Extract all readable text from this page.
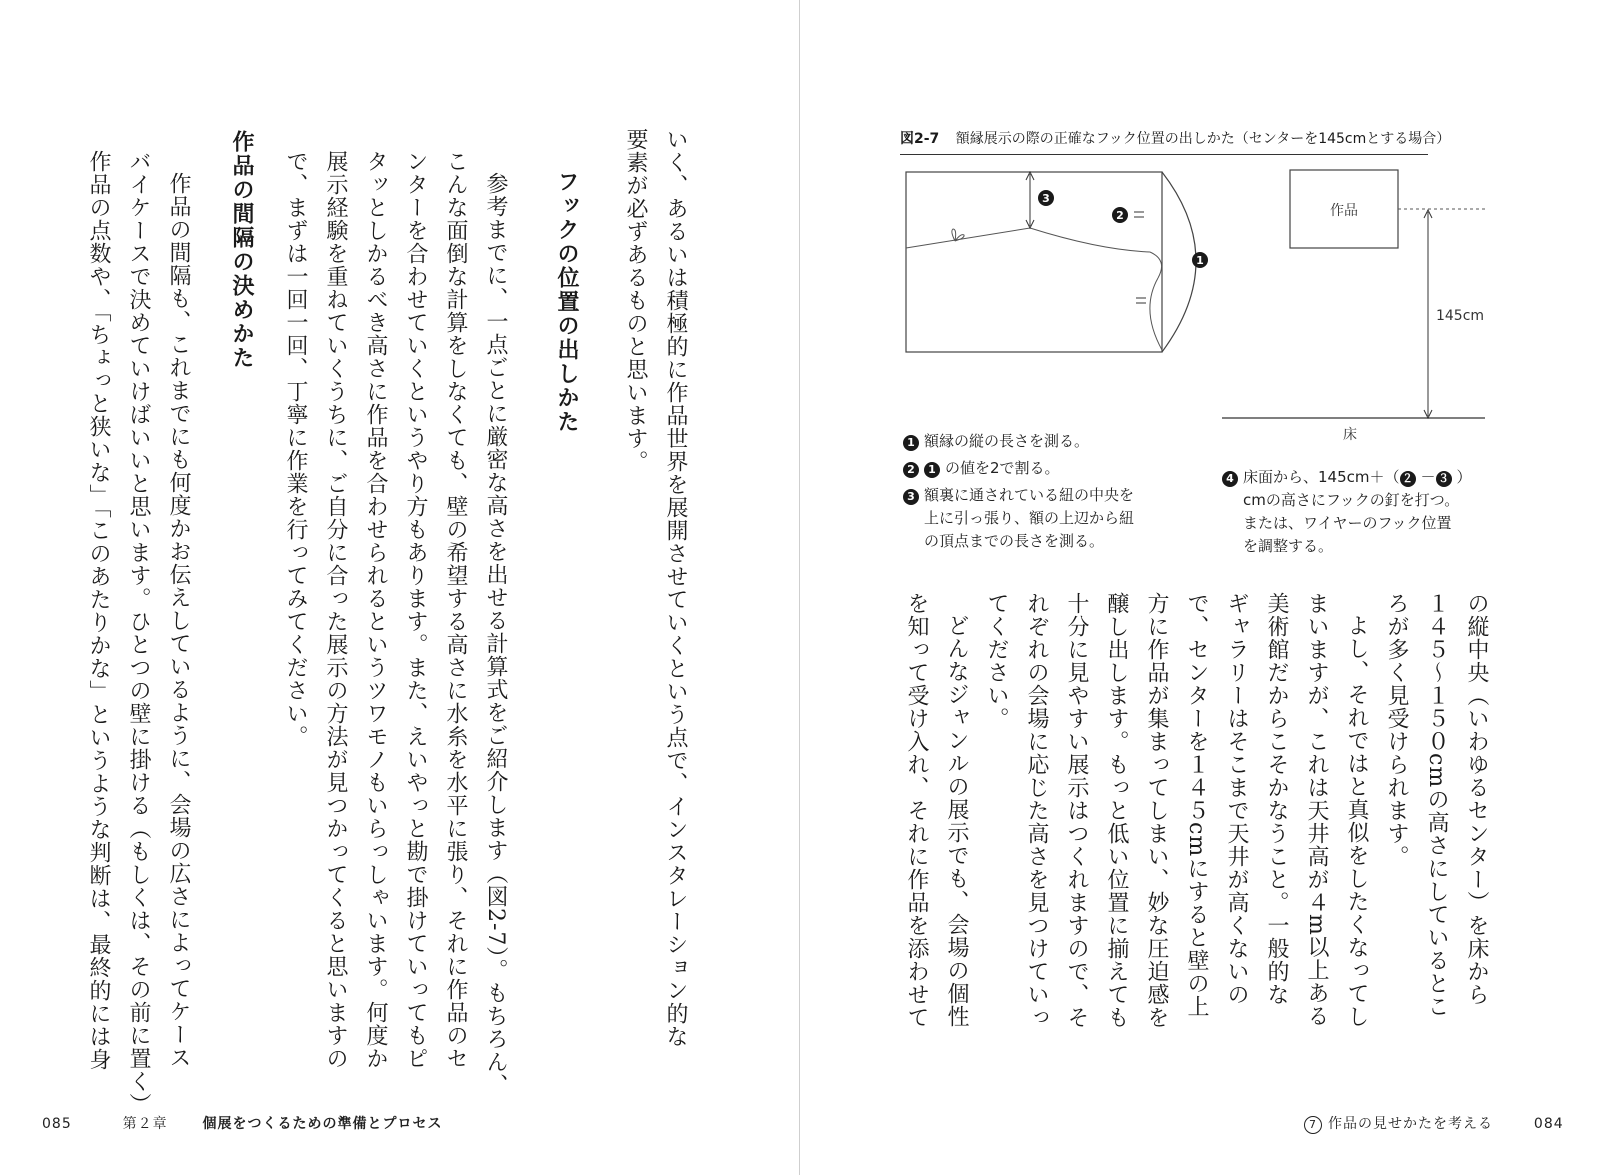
いく、あるいは積極的に作品世界を展開させていくという点で、インスタレーション的な
要素が必ずあるものと思います。
フックの位置の出しかた
参考までに、一点ごとに厳密な高さを出せる計算式をご紹介します（図2-7）。もちろん、
こんな面倒な計算をしなくても、壁の希望する高さに水糸を水平に張り、それに作品のセ
ンターを合わせていくというやり方もあります。また、えいやっと勘で掛けていってもピ
タッとしかるべき高さに作品を合わせられるというツワモノもいらっしゃいます。何度か
展示経験を重ねていくうちに、ご自分に合った展示の方法が見つかってくると思いますの
で、まずは一回一回、丁寧に作業を行ってみてください。
作品の間隔の決めかた
作品の間隔も、これまでにも何度かお伝えしているように、会場の広さによってケース
バイケースで決めていけばいいと思います。ひとつの壁に掛ける（もしくは、その前に置く）
作品の点数や、「ちょっと狭いな」「このあたりかな」というような判断は、最終的には身
085	第２章 個展をつくるための準備とプロセス
図2-7 額縁展示の際の正確なフック位置の出しかた（センターを145cmとする場合）
3
2
1
作品
145cm
床
1 額縁の縦の長さを測る。
2 1 の値を2で割る。
3 額裏に通されている紐の中央を
上に引っ張り、額の上辺から紐
の頂点までの長さを測る。
4 床面から、145cm＋（ ２ － ３ ）
cmの高さにフックの釘を打つ。
または、ワイヤーのフック位置
を調整する。
の縦中央（いわゆるセンター）を床から
１４５〜１５０cmの高さにしているとこ
ろが多く見受けられます。
よし、それではと真似をしたくなってし
まいますが、これは天井高が４m以上ある
美術館だからこそかなうこと。一般的な
ギャラリーはそこまで天井が高くないの
で、センターを１４５cmにすると壁の上
方に作品が集まってしまい、妙な圧迫感を
醸し出します。もっと低い位置に揃えても
十分に見やすい展示はつくれますので、そ
れぞれの会場に応じた高さを見つけていっ
てください。
どんなジャンルの展示でも、会場の個性
を知って受け入れ、それに作品を添わせて
7 作品の見せかたを考える	084
